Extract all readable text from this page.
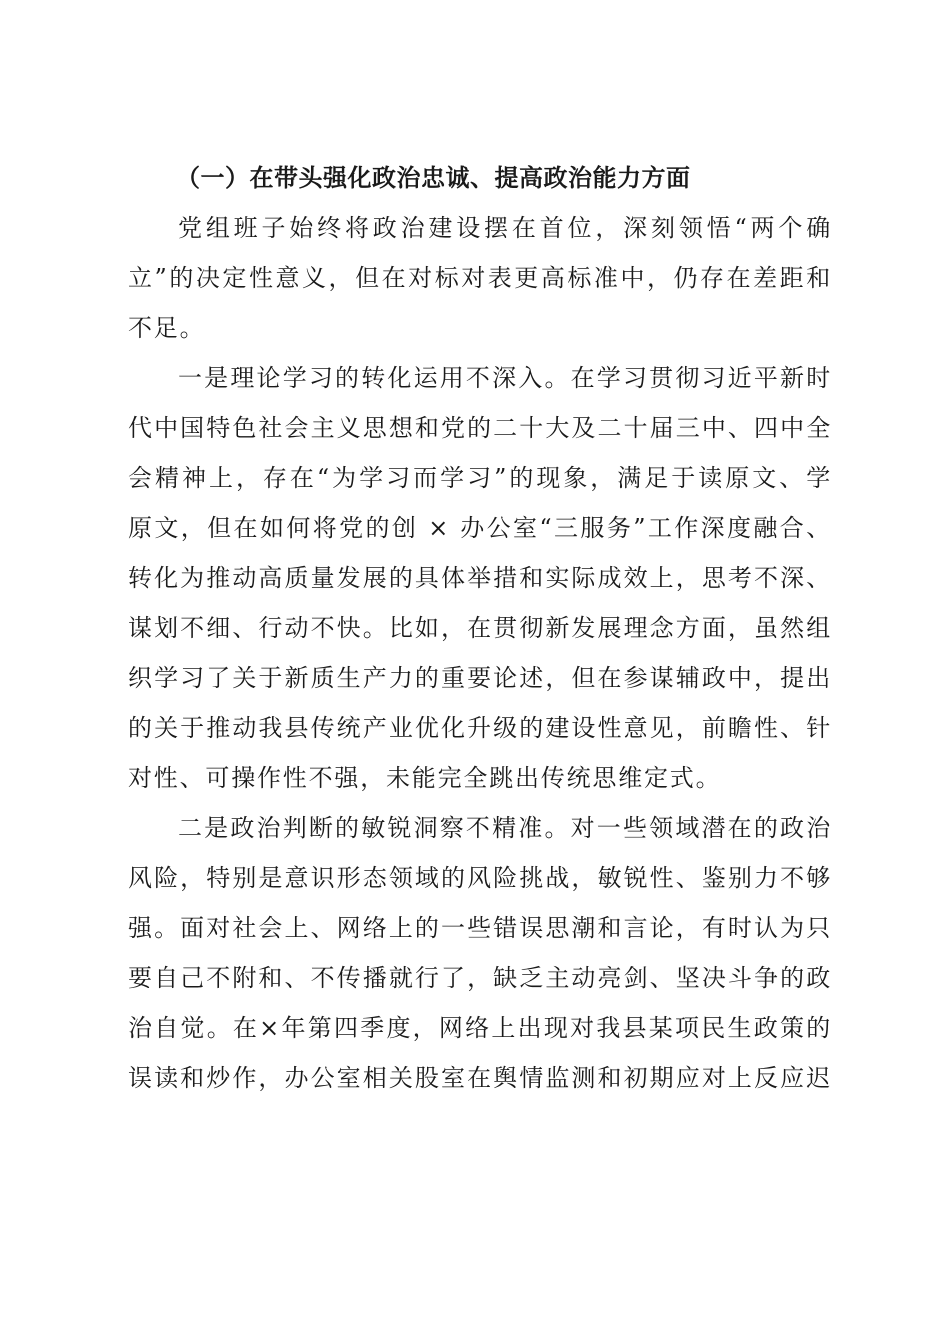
（一）在带头强化政治忠诚、提高政治能力方面
党组班子始终将政治建设摆在首位，深刻领悟“两个确
立”的决定性意义，但在对标对表更高标准中，仍存在差距和
不足。
一是理论学习的转化运用不深入。在学习贯彻习近平新时
代中国特色社会主义思想和党的二十大及二十届三中、四中全
会精神上，存在“为学习而学习”的现象，满足于读原文、学
原文，但在如何将党的创 × 办公室“三服务”工作深度融合、
转化为推动高质量发展的具体举措和实际成效上，思考不深、
谋划不细、行动不快。比如，在贯彻新发展理念方面，虽然组
织学习了关于新质生产力的重要论述，但在参谋辅政中，提出
的关于推动我县传统产业优化升级的建设性意见，前瞻性、针
对性、可操作性不强，未能完全跳出传统思维定式。
二是政治判断的敏锐洞察不精准。对一些领域潜在的政治
风险，特别是意识形态领域的风险挑战，敏锐性、鉴别力不够
强。面对社会上、网络上的一些错误思潮和言论，有时认为只
要自己不附和、不传播就行了，缺乏主动亮剑、坚决斗争的政
治自觉。在×年第四季度，网络上出现对我县某项民生政策的
误读和炒作，办公室相关股室在舆情监测和初期应对上反应迟
